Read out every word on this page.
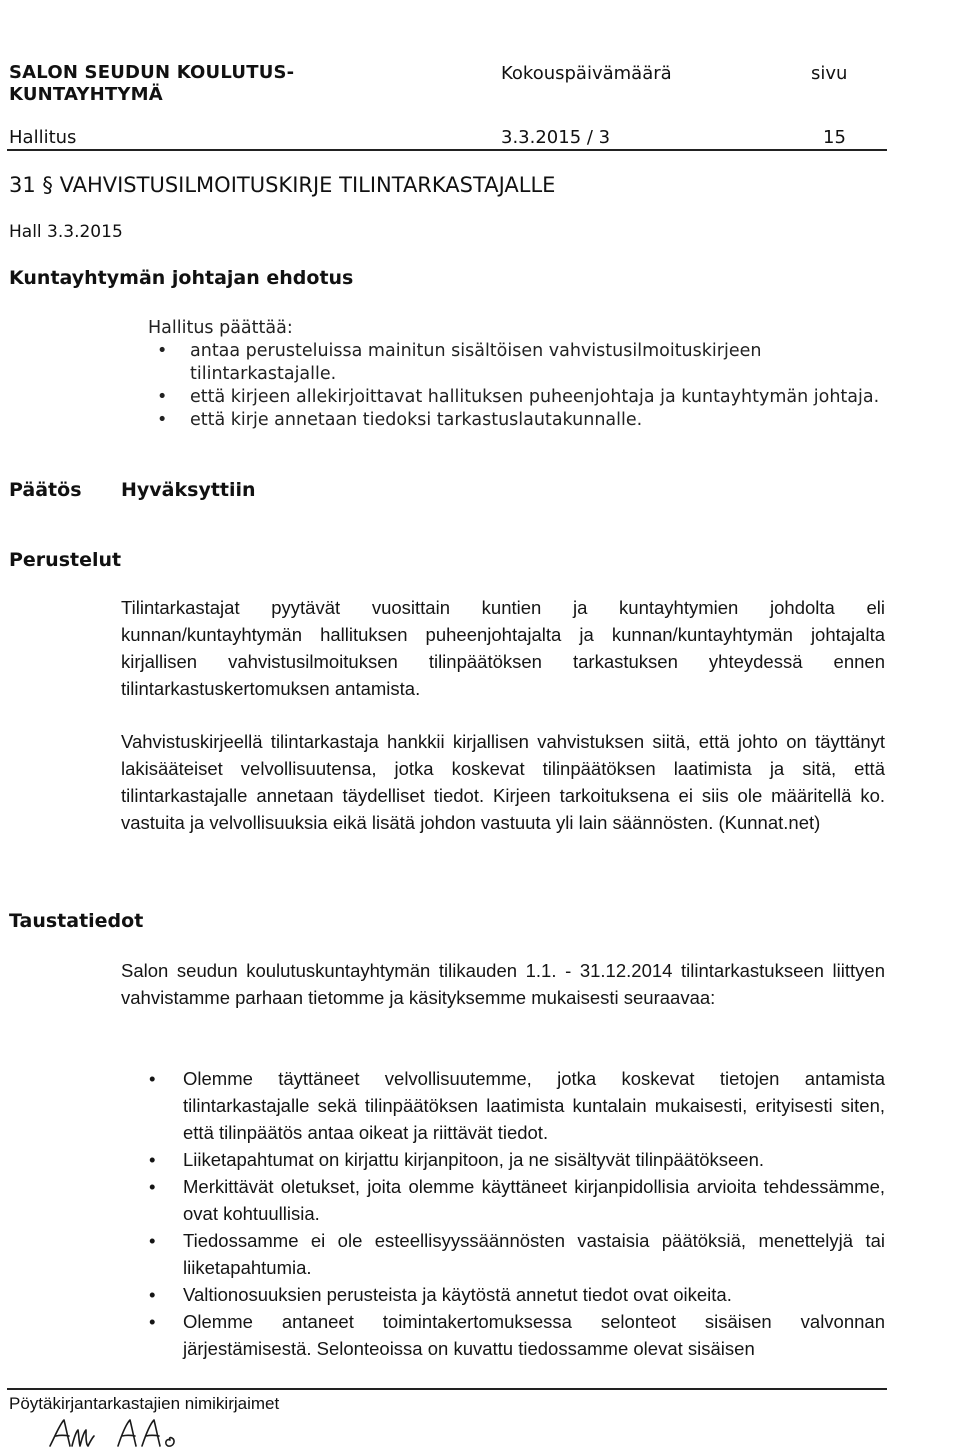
SALON SEUDUN KOULUTUS-
KUNTAYHTYMÄ
Kokouspäivämäärä	sivu
Hallitus	3.3.2015 / 3	15
31 § VAHVISTUSILMOITUSKIRJE TILINTARKASTAJALLE
Hall 3.3.2015
Kuntayhtymän johtajan ehdotus
Hallitus päättää:
• antaa perusteluissa mainitun sisältöisen vahvistusilmoituskirjeen tilintarkastajalle.
• että kirjeen allekirjoittavat hallituksen puheenjohtaja ja kuntayhtymän johtaja.
• että kirje annetaan tiedoksi tarkastuslautakunnalle.
Päätös Hyväksyttiin
Perustelut

Tilintarkastajat pyytävät vuosittain kuntien ja kuntayhtymien johdolta eli kunnan/kuntayhtymän hallituksen puheenjohtajalta ja kunnan/kuntayhtymän johtajalta kirjallisen vahvistusilmoituksen tilinpäätöksen tarkastuksen yhteydessä ennen tilintarkastuskertomuksen antamista.

Vahvistuskirjeellä tilintarkastaja hankkii kirjallisen vahvistuksen siitä, että johto on täyttänyt lakisääteiset velvollisuutensa, jotka koskevat tilinpäätöksen laatimista ja sitä, että tilintarkastajalle annetaan täydelliset tiedot. Kirjeen tarkoituksena ei siis ole määritellä ko. vastuita ja velvollisuuksia eikä lisätä johdon vastuuta yli lain säännösten. (Kunnat.net)

Taustatiedot

Salon seudun koulutuskuntayhtymän tilikauden 1.1. - 31.12.2014 tilintarkastukseen liittyen vahvistamme parhaan tietomme ja käsityksemme mukaisesti seuraavaa:

• Olemme täyttäneet velvollisuutemme, jotka koskevat tietojen antamista tilintarkastajalle sekä tilinpäätöksen laatimista kuntalain mukaisesti, erityisesti siten, että tilinpäätös antaa oikeat ja riittävät tiedot.
• Liiketapahtumat on kirjattu kirjanpitoon, ja ne sisältyvät tilinpäätökseen.
• Merkittävät oletukset, joita olemme käyttäneet kirjanpidollisia arvioita tehdessämme, ovat kohtuullisia.
• Tiedossamme ei ole esteellisyyssäännösten vastaisia päätöksiä, menettelyjä tai liiketapahtumia.
• Valtionosuuksien perusteista ja käytöstä annetut tiedot ovat oikeita.
• Olemme antaneet toimintakertomuksessa selonteot sisäisen valvonnan järjestämisestä. Selonteoissa on kuvattu tiedossamme olevat sisäisen
Pöytäkirjantarkastajien nimikirjaimet
